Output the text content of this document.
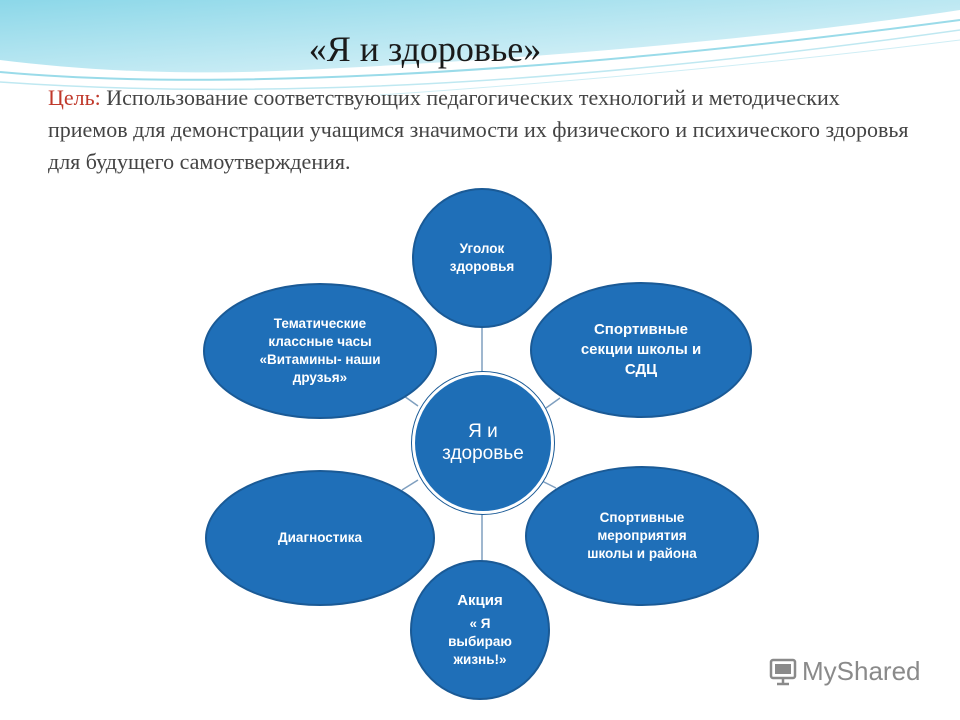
«Я и здоровье»
Цель: Использование соответствующих педагогических технологий и методических приемов для демонстрации учащимся значимости их физического и психического здоровья для будущего самоутверждения.
Я и
здоровье
Уголок
здоровья
Спортивные
секции школы и
СДЦ
Спортивные
мероприятия
школы и района
Акция
« Я
выбираю
жизнь!»
Диагностика
Тематические
классные часы
«Витамины- наши
друзья»
MyShared
